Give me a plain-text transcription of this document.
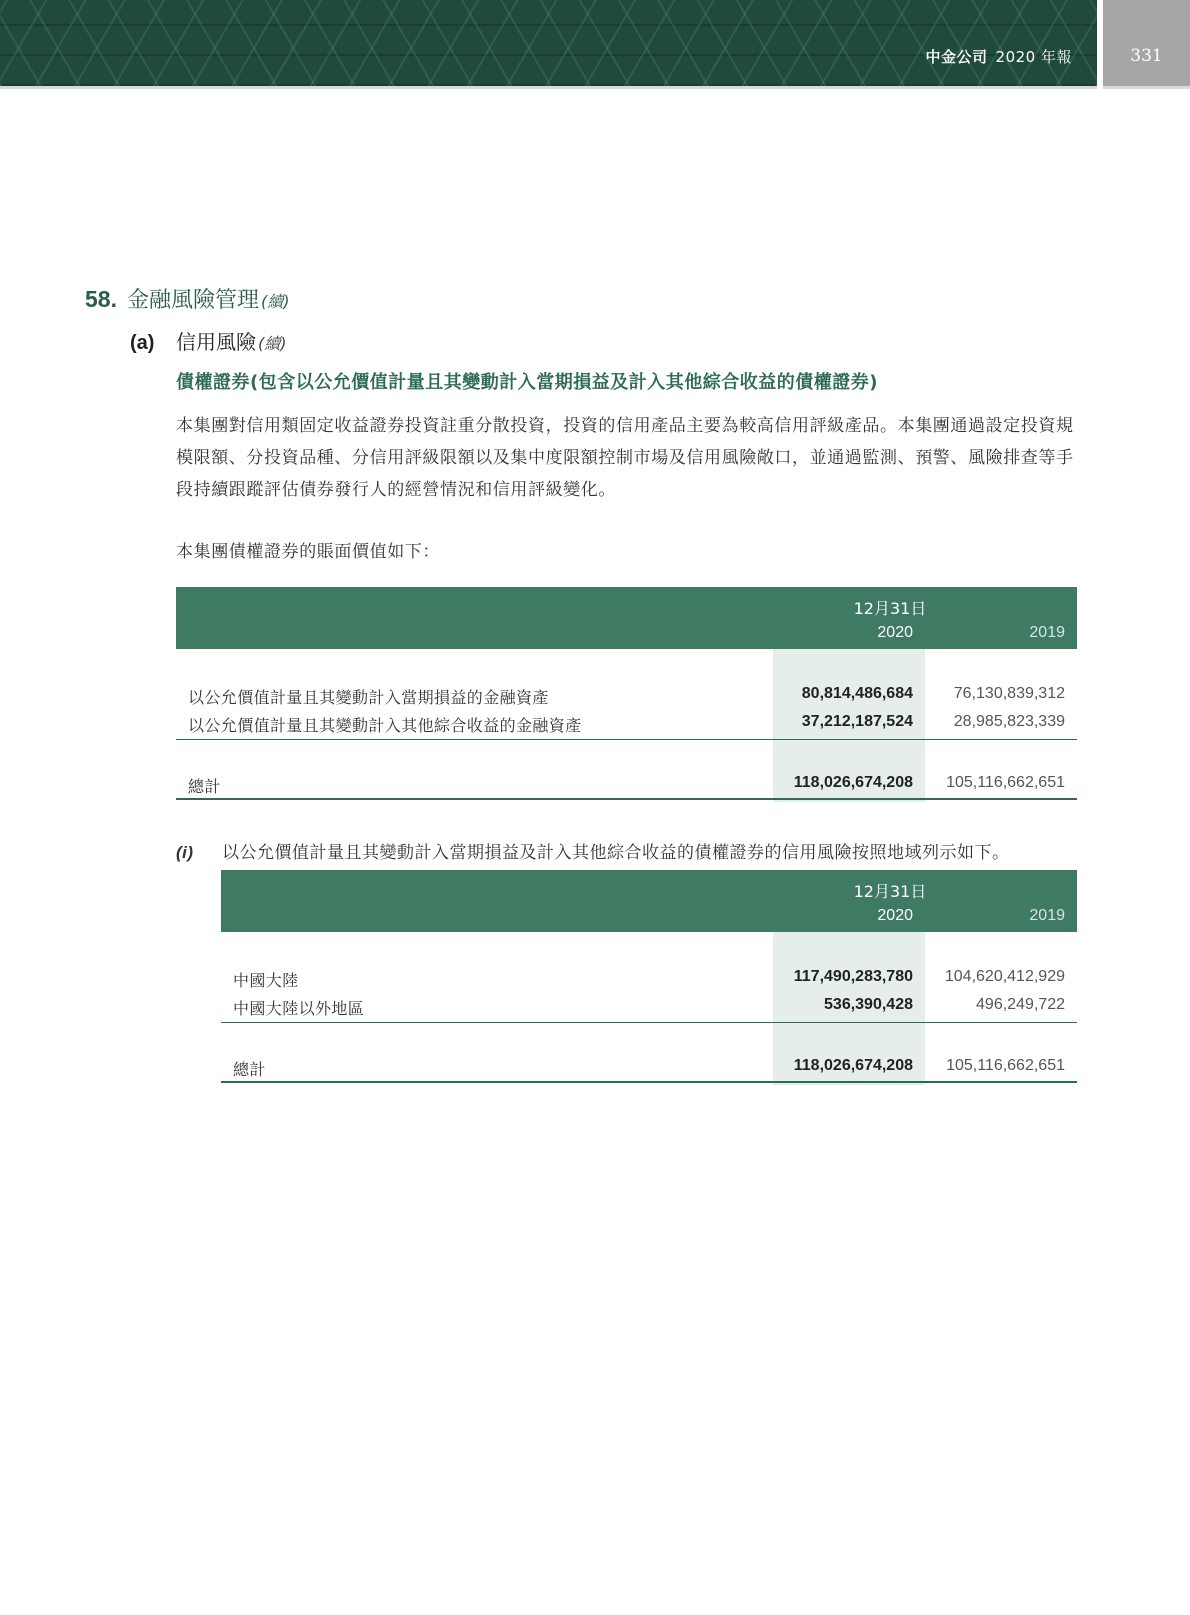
中金公司 2020 年報	331
58. 金融風險管理 (續)
(a) 信用風險 (續)
債權證券(包含以公允價值計量且其變動計入當期損益及計入其他綜合收益的債權證券)
本集團對信用類固定收益證券投資註重分散投資，投資的信用產品主要為較高信用評級產品。本集團通過設定投資規模限額、分投資品種、分信用評級限額以及集中度限額控制市場及信用風險敞口，並通過監測、預警、風險排查等手段持續跟蹤評估債券發行人的經營情況和信用評級變化。
本集團債權證券的賬面價值如下：
12月31日
2020	2019
以公允價值計量且其變動計入當期損益的金融資產	80,814,486,684	76,130,839,312
以公允價值計量且其變動計入其他綜合收益的金融資產	37,212,187,524	28,985,823,339
總計	118,026,674,208 105,116,662,651
(i) 以公允價值計量且其變動計入當期損益及計入其他綜合收益的債權證券的信用風險按照地域列示如下。
12月31日
2020	2019
中國大陸	117,490,283,780 104,620,412,929
中國大陸以外地區	536,390,428	496,249,722
總計	118,026,674,208 105,116,662,651
